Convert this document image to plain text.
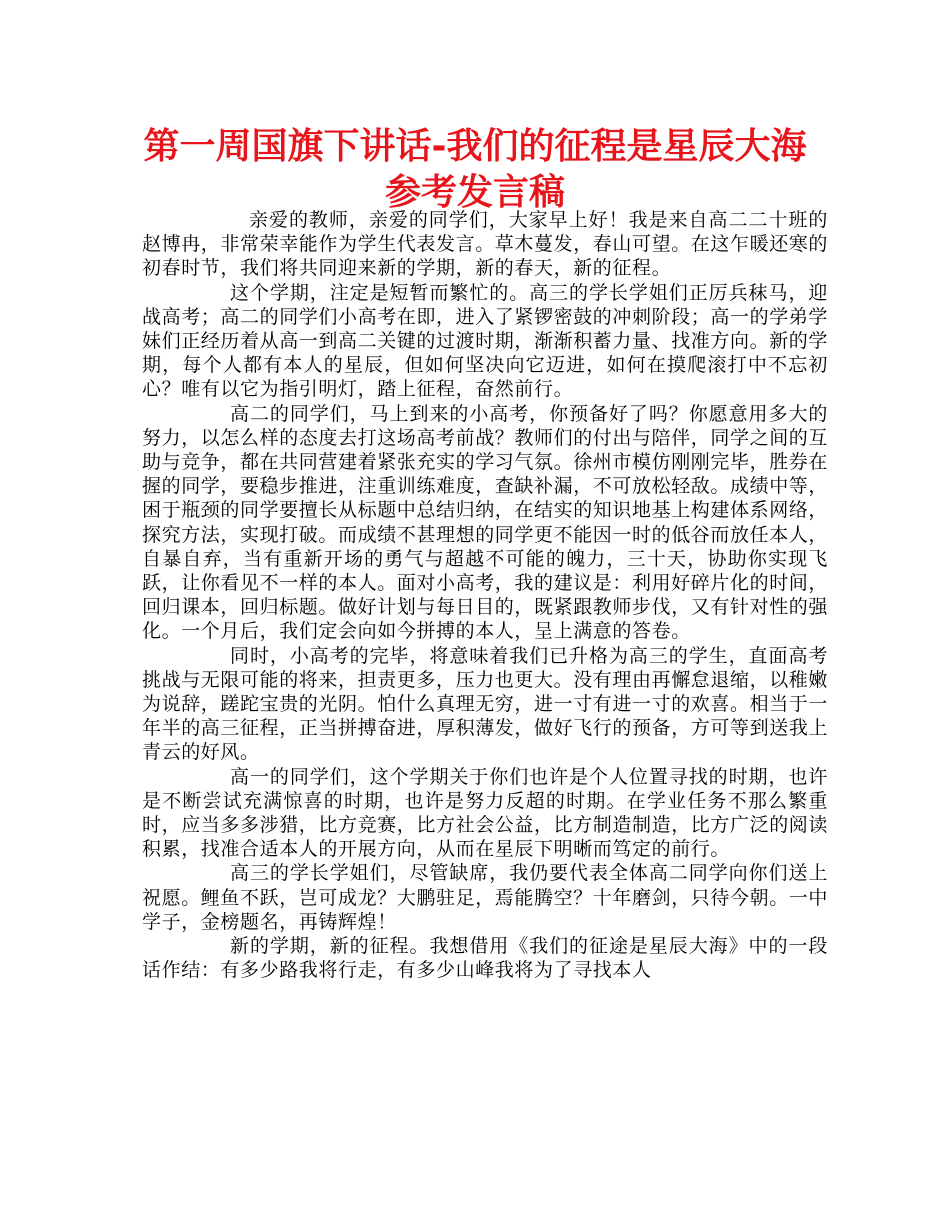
第一周国旗下讲话-我们的征程是星辰大海
参考发言稿

亲爱的教师，亲爱的同学们，大家早上好！我是来自高二二十班的赵博冉，非常荣幸能作为学生代表发言。草木蔓发，春山可望。在这乍暖还寒的初春时节，我们将共同迎来新的学期，新的春天，新的征程。

这个学期，注定是短暂而繁忙的。高三的学长学姐们正厉兵秣马，迎战高考；高二的同学们小高考在即，进入了紧锣密鼓的冲刺阶段；高一的学弟学妹们正经历着从高一到高二关键的过渡时期，渐渐积蓄力量、找准方向。新的学期，每个人都有本人的星辰，但如何坚决向它迈进，如何在摸爬滚打中不忘初心？唯有以它为指引明灯，踏上征程，奋然前行。

高二的同学们，马上到来的小高考，你预备好了吗？你愿意用多大的努力，以怎么样的态度去打这场高考前战？教师们的付出与陪伴，同学之间的互助与竞争，都在共同营建着紧张充实的学习气氛。徐州市模仿刚刚完毕，胜券在握的同学，要稳步推进，注重训练难度，查缺补漏，不可放松轻敌。成绩中等，困于瓶颈的同学要擅长从标题中总结归纳，在结实的知识地基上构建体系网络，探究方法，实现打破。而成绩不甚理想的同学更不能因一时的低谷而放任本人，自暴自弃，当有重新开场的勇气与超越不可能的魄力，三十天，协助你实现飞跃，让你看见不一样的本人。面对小高考，我的建议是：利用好碎片化的时间，回归课本，回归标题。做好计划与每日目的，既紧跟教师步伐，又有针对性的强化。一个月后，我们定会向如今拼搏的本人，呈上满意的答卷。

同时，小高考的完毕，将意味着我们已升格为高三的学生，直面高考挑战与无限可能的将来，担责更多，压力也更大。没有理由再懈怠退缩，以稚嫩为说辞，蹉跎宝贵的光阴。怕什么真理无穷，进一寸有进一寸的欢喜。相当于一年半的高三征程，正当拼搏奋进，厚积薄发，做好飞行的预备，方可等到送我上青云的好风。

高一的同学们，这个学期关于你们也许是个人位置寻找的时期，也许是不断尝试充满惊喜的时期，也许是努力反超的时期。在学业任务不那么繁重时，应当多多涉猎，比方竞赛，比方社会公益，比方制造制造，比方广泛的阅读积累，找准合适本人的开展方向，从而在星辰下明晰而笃定的前行。

高三的学长学姐们，尽管缺席，我仍要代表全体高二同学向你们送上祝愿。鲤鱼不跃，岂可成龙？大鹏驻足，焉能腾空？十年磨剑，只待今朝。一中学子，金榜题名，再铸辉煌！

新的学期，新的征程。我想借用《我们的征途是星辰大海》中的一段话作结：有多少路我将行走，有多少山峰我将为了寻找本人
